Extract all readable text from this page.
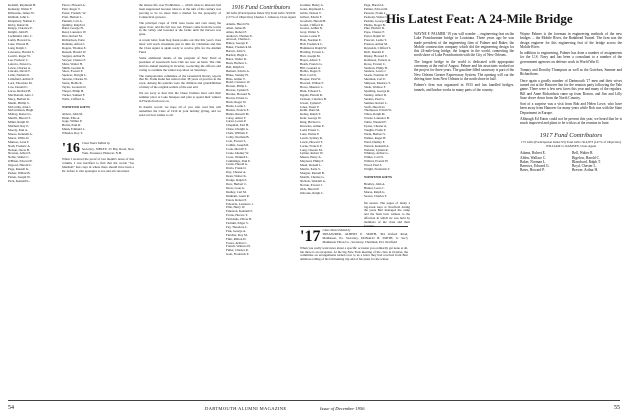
Kendall, Raymond H.
Kennedy, Walter F.
Kilbourne, James W.
Kimball, John C.
Kingsbury, Nathan C.
Kirby, Robert R.
Knapp, Clarence E.
Knight, John H.
Lachmund, Otto C.
Lamb, Howard G.
Lane, Warren H.
Lang, Ralph J.
Lawrence, Harold S.
Leavitt, Roger W.
Lee, Frederic C.
Lefevre, Ernest G.
Lewis, Charles A.
Lincoln, David T.
Little, Nathan D.
Littlefield, Arthur P.
Lord, Theodore M.
Low, Donald C.
Lucas, Richard H.
MacDonald, Alex J.
Macy, Herbert K.
Marsh, Phillip S.
McCarthy, John J.
McCutcheon, Hugh
McKay, Robert G.
Merrill, Harold T.
Miller, Ralph W.
Mitchell, Ray E.
Moody, Paul A.
Moore, Kenneth A.
Morse, Willis D.
Munroe, Leon F.
Nash, Frederic A.
Nelson, Oscar B.
Newton, Albert E.
Noble, Walter C.
O'Brien, Edward P.
Osgood, Harold C.
Page, Russell K.
Parker, Wilbur B.
Patten, Joseph W.
Peck, Kenneth L.
Pierce, Howard A.
Platt, Roger T.
Potter, Frederic W.
Pratt, Herbert L.
Putnam, Carl A.
Quimby, Ralph O.
Rand, George H.
Reed, Laurence W.
Rice, Robert M.
Richardson, Earle
Robbins, Alfred J.
Rogers, Thomas E.
Russell, Harold W.
Sargent, Arthur B.
Sawyer, Chester F.
Shaw, Walter H.
Smith, Gordon R.
Snow, Everett P.
Spencer, Dwight L.
Stevens, Charles W.
Stone, Hollis R.
Taylor, Leonard O.
Thayer, Philip H.
Tucker, Samuel F.
Wells, Clifford A.
NONFUND GIFTS
Abbott, John M.
Dunn, Ellis A.
Gage, Wilbur P.
Harris, Paul R.
Mann, Edmund L.
Wheeler, Roy T.
'16 Class Notes Edited by

Secretary, SIBLEY, 25 Bay Road, New York. Treasurer, Hanover, N.H.

When I received the proof of last month's notes of this column, I was horrified to find that the words "Joe Marshall" had crept in where there should have been a Dr. before it. Our apologies to Joe and all concerned.

the leisure life over Prohibition — which tobacco interests had been suppressed because tobacco at the turn of the century was proving to be no more than a market for the prosperity of Connecticut growers.

The principal crops of 1956 were beans and corn along the upper river, and the fall was wet. Pickers came from the towns in the valley and boarded at the farms until the harvest was gone.

A recent letter from Reg Kenn points out that this year's class letter will reach classmates just in time for Christmas and that the Class Agent is again ready to receive gifts for the Alumni Fund.

Some additional details of the program of New Fund as president of Greenwich Gun Club are now on hand. The club held its annual meeting in October, re-electing the officers and voting to continue the winter trap shoot on Saturdays.

The transportation committee of the Greenwich Rotary reports that Dr. Frank Kenn has retired after 38 years of practice in the town. Among his patients were the children and grandchildren of many of the original settlers of the east end.

We are sorry to hear that the Chase brothers have sold their summer place at Lake Sunapee and plan to spend their winters in Florida from now on.

In Kenn's words: we hope all of you who read this will remember the Class of 1916 in your holiday giving, and we send our best wishes to all.

1916 Fund Contributors
90 Gifts (Participation Index 93) Total Gifts: $3,932 (117% of Objective) Charles J. Johnson, Class Agent
Adams, Harold W.
Allen, James B.
Ames, Robert F.
Andrews, Thomas E.
Atwood, Charles L.
Bailey, George P.
Baker, Frederick M.
Barrett, John S.
Bartlett, Hugh C.
Bates, Walter R.
Bean, Herbert L.
Bell, Ralph D.
Bennett, Edwin A.
Blake, Stanley H.
Bliss, Arthur T.
Bond, Clarence W.
Bowen, Philip L.
Brewer, Lyman E.
Brooks, Howard N.
Brown, Ernest G.
Buck, Roger W.
Burns, Leslie J.
Burton, Francis E.
Butler, Russell M.
Carey, Albert F.
Carter, Lewis P.
Chapman, Earl H.
Chase, Dwight A.
Clark, William F.
Colby, Norman B.
Cole, Everett S.
Collins, Joseph R.
Cook, Merrill T.
Crane, Dudley W.
Cross, Wendell L.
Cummings, Paul E.
Curtis, Harold G.
Davis, Frank O.
Day, Chester A.
Dean, Walter K.
Dodge, Ralph E.
Dow, Herbert C.
Drew, Leon A.
Dudley, Carl M.
Dunham, Grant R.
Eaton, Robert P.
Edwards, Laurence J.
Ellis, Harry W.
Emerson, Kenneth F.
Evans, Horace T.
Fairbanks, Oliver B.
Farnum, Edgar S.
Fay, Theodore L.
Fisk, George A.
Fletcher, Roy M.
Flint, Milton D.
Foster, Arthur C.
French, Wallace H.
Fuller, Chester R.
Gale, Frederick P.
Gardner, Henry A.
Gates, Raymond L.
Gibbs, Nelson T.
Gilbert, Edwin F.
Goodwin, Harold B.
Gould, Clifford R.
Graves, Arthur N.
Gray, Walter S.
Green, Lester P.
Hale, Norman E.
Hall, Frederick C.
Hammond, Ralph W.
Harding, Everett L.
Hart, Joseph M.
Hayes, Albert T.
Heath, Francis G.
Hill, Leonard A.
Hobbs, Roger E.
Holt, Carl D.
Hooper, Paul W.
Howard, Wilbur F.
Howe, Maurice L.
Hunt, Edward S.
Ingalls, Harold R.
Jackson, Clarence B.
Jewett, Lyman F.
Jones, Stuart P.
Keith, Dana M.
Kelley, Ralph T.
Kent, George W.
King, Herbert L.
Knowles, Arthur E.
Ladd, Ernest C.
Lane, Walter P.
Leach, Sydney R.
Lewis, Howard T.
Locke, Francis E.
Long, Chester M.
Lyman, Robert W.
Mason, Harry A.
Maynard, Philip F.
Mead, Donald L.
Merritt, Earle S.
Morgan, Russell B.
Morrill, Charles G.
Nichols, Wendell A.
Norton, Everett J.
Olds, Harold P.
Osborne, Ralph C.
'17 Class Notes Edited by

TREASURER, ALBERT E. SMITH, 304 Oxford Road, Manhasset, Pa. Secretary, DONALD B. SMITH, Jr. Sec'y Manhasset Tilton Co., Secretary, Chairman, P.O. Newfield

When you really want news about a specific occasion you ordinarily get none at all, but there is an exception. At the big New York meeting of the class in October, the committee on arrangements turned over to us a letter they had received from Bert Ambrose telling of his fall hunting trip and of his plans for the winter.

Page, Harold A.
Palmer, Edward R.
Parsons, Frank L.
Peabody, Walter C.
Perkins, George H.
Phelps, Roger B.
Pike, Herbert D.
Pope, Chester F.
Porter, Ralph W.
Prescott, Leslie T.
Preston, Arthur M.
Reynolds, Clifford S.
Rich, Donald P.
Ripley, Howard E.
Robinson, Francis A.
Rowe, Everett C.
Sanborn, Philip H.
Sanders, Lewis J.
Searle, Norman W.
Sherman, Carl E.
Simpson, Maurice T.
Slade, Wallace F.
Spalding, George R.
Stanley, Albert D.
Stearns, Paul G.
Sumner, Robert L.
Swift, Harold O.
Thompson, Edwin W.
Tilton, Ralph M.
Towne, Laurence B.
Tuttle, Wendell F.
Upton, Chester A.
Vaughn, Frank P.
Wade, Herbert S.
Walker, Roger H.
Ward, Dudley E.
Warren, Kenneth A.
Webster, Lyman R.
Whitney, Arthur G.
Wilder, Carl N.
Willard, Everett H.
Wood, Paul S.
Wright, Frederick T.
NONFUND GIFTS
Bradley, John A.
Hunter, Leon C.
Morse, Ralph G.
Seaver, Charles T.

his stories. The pages of many a log-book kept at Newfield during the years Bert managed the camp and the farm bear witness to the affection in which he was held by members of the class and their families.

His Latest Feat: A 24-Mile Bridge

WAYNE F. PALMER '19 you will wonder ... engineering feat on the Lake Pontchartrain bridge in Louisiana. Three years ago he was made president of the engineering firm of Palmer and Baker, the Mobile construction company which did the engineering design for this 24-mile-long bridge, the longest in the world, connecting the north shore of Lake Pontchartrain with the City of New Orleans.

The longest bridge in the world is dedicated with appropriate ceremony at the end of August. Palmer and his associates worked on the project for three years. The gasoline-filled causeway is part of the New Orleans Greater Expressway System. The opening will cut the driving time from New Orleans to the north shore in half.

Palmer's firm was organized in 1933 and has handled bridges, tunnels, and harbor works in many parts of the country.

Wayne Palmer is the foreman in engineering methods of the new bridges ... the Mobile River, the Bankhead Tunnel. The firm was the design engineer for this engineering feat of the bridge across the Mobile River.

In addition to engineering, Palmer has done a number of assignments for the U.S. Navy and has been a consultant to a number of the government agencies on defense work in World War II.

Tommy and Dorothy Thompson as well as the Gotelsen, Sumner and Richardsons.

Once again a goodly number of Dartmouth '17 men and their wives turned out at the Hanover Inn for the reunion party following the Yale game. There were a few new faces this year and many of the regulars. Bill and Anne Richardson came up from Boston, and Jim and Lilly Saxe drove down from the North Country.

Sort of a surprise was a visit from Bob and Helen Lowe, who have been away from Hanover for many years while Bob was with the State Department in Europe.

Although Ed Eaton could not be present this year, we heard that he is much improved and plans to be with us at the reunion in June.

1917 Fund Contributors
175 Gifts (Participation Index 93) Total Gifts: $14,873 (147% of Objective) WILLIAM G. RAMSEY, Class Agent
Adams, Robert E.
Alden, Wallace C.
Baker, Norman L.
Barrows, Edward G.
Bates, Howard P.
Bell, Walter R.
Bigelow, Harold C.
Blanchard, Ralph T.
Boyd, Chester L.
Brewer, Arthur H.
54	DARTMOUTH ALUMNI MAGAZINE	Issue of December 1956	55
